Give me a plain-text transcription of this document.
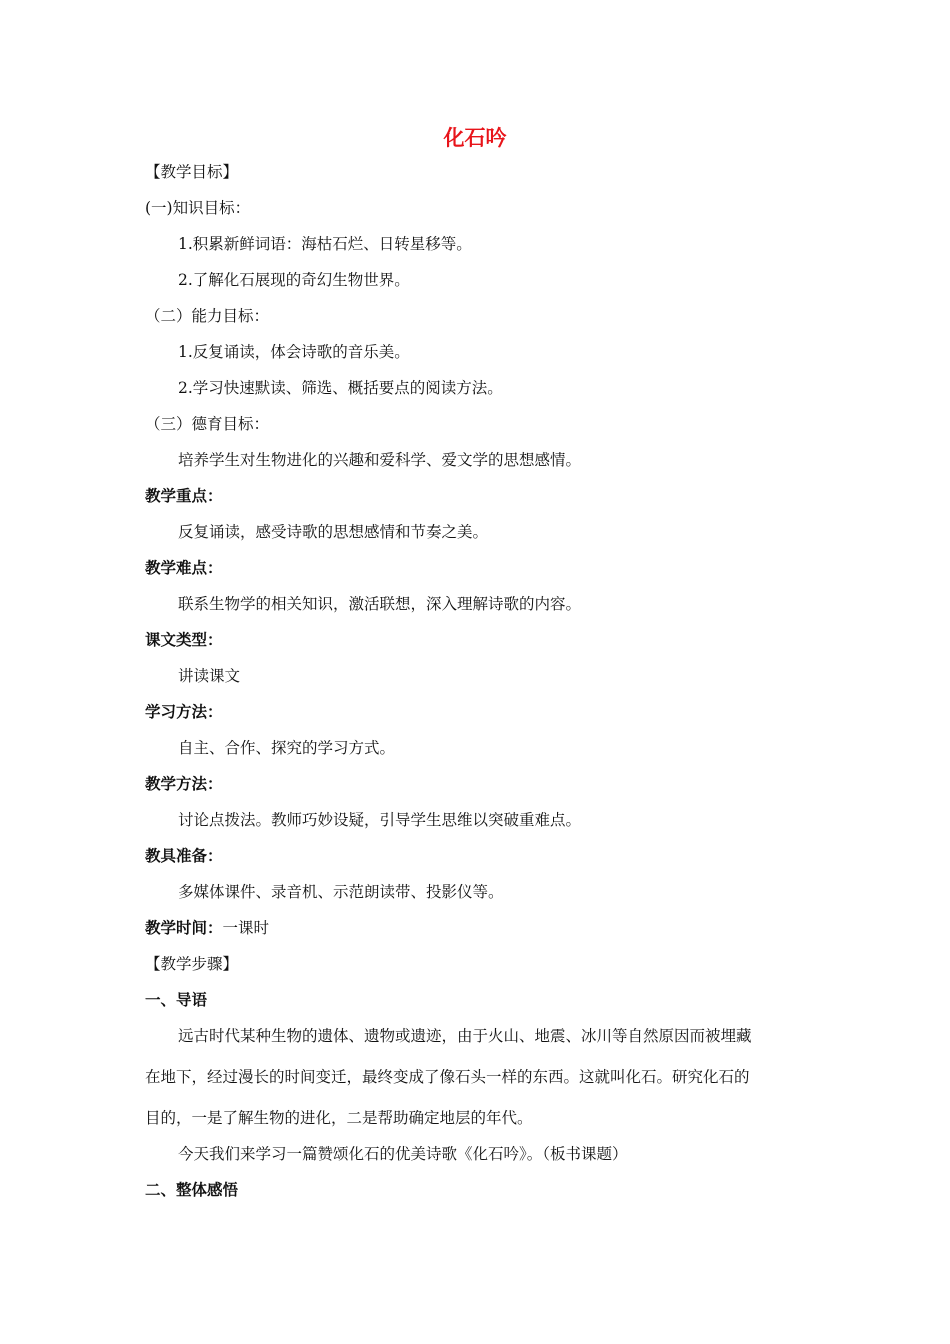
化石吟
【教学目标】
(一)知识目标：
1.积累新鲜词语：海枯石烂、日转星移等。
2.了解化石展现的奇幻生物世界。
（二）能力目标：
1.反复诵读，体会诗歌的音乐美。
2.学习快速默读、筛选、概括要点的阅读方法。
（三）德育目标：
培养学生对生物进化的兴趣和爱科学、爱文学的思想感情。
教学重点：
反复诵读，感受诗歌的思想感情和节奏之美。
教学难点：
联系生物学的相关知识，激活联想，深入理解诗歌的内容。
课文类型：
讲读课文
学习方法：
自主、合作、探究的学习方式。
教学方法：
讨论点拨法。教师巧妙设疑，引导学生思维以突破重难点。
教具准备：
多媒体课件、录音机、示范朗读带、投影仪等。
教学时间：一课时
【教学步骤】
一、导语
远古时代某种生物的遗体、遗物或遗迹，由于火山、地震、冰川等自然原因而被埋藏
在地下，经过漫长的时间变迁，最终变成了像石头一样的东西。这就叫化石。研究化石的
目的，一是了解生物的进化，二是帮助确定地层的年代。
今天我们来学习一篇赞颂化石的优美诗歌《化石吟》。（板书课题）
二、整体感悟
